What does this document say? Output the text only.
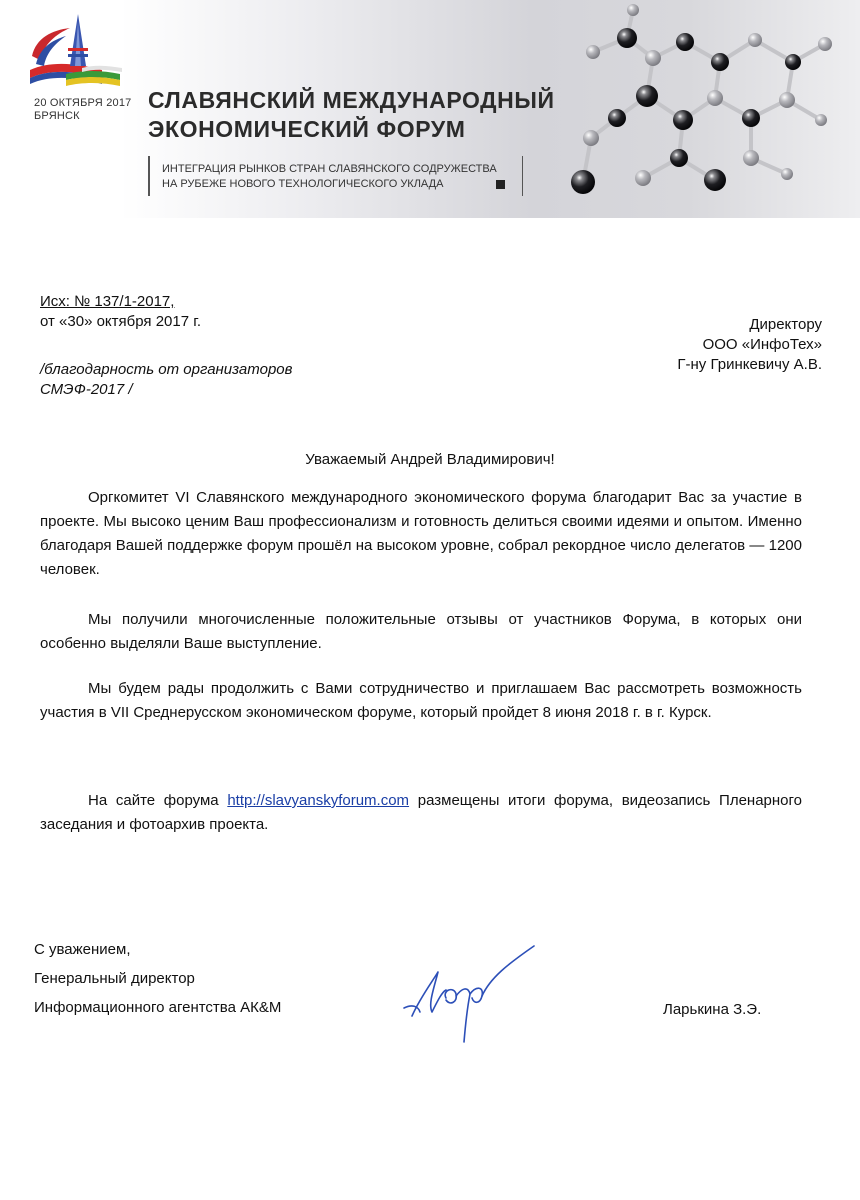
20 ОКТЯБРЯ 2017
БРЯНСК
СЛАВЯНСКИЙ МЕЖДУНАРОДНЫЙ
ЭКОНОМИЧЕСКИЙ ФОРУМ
ИНТЕГРАЦИЯ РЫНКОВ СТРАН СЛАВЯНСКОГО СОДРУЖЕСТВА
НА РУБЕЖЕ НОВОГО ТЕХНОЛОГИЧЕСКОГО УКЛАДА
Исх: № 137/1-2017,
от «30» октября 2017 г.
/благодарность от организаторов
СМЭФ-2017 /
Директору
ООО «ИнфоТех»
Г-ну Гринкевичу А.В.
Уважаемый Андрей Владимирович!

Оргкомитет VI Славянского международного экономического форума благодарит Вас за участие в проекте. Мы высоко ценим Ваш профессионализм и готовность делиться своими идеями и опытом. Именно благодаря Вашей поддержке форум прошёл на высоком уровне, собрал рекордное число делегатов — 1200 человек.

Мы получили многочисленные положительные отзывы от участников Форума, в которых они особенно выделяли Ваше выступление.

Мы будем рады продолжить с Вами сотрудничество и приглашаем Вас рассмотреть возможность участия в VII Среднерусском экономическом форуме, который пройдет 8 июня 2018 г. в г. Курск.

На сайте форума http://slavyanskyforum.com размещены итоги форума, видеозапись Пленарного заседания и фотоархив проекта.

С уважением,
Генеральный директор
Информационного агентства АК&M	Ларькина З.Э.
